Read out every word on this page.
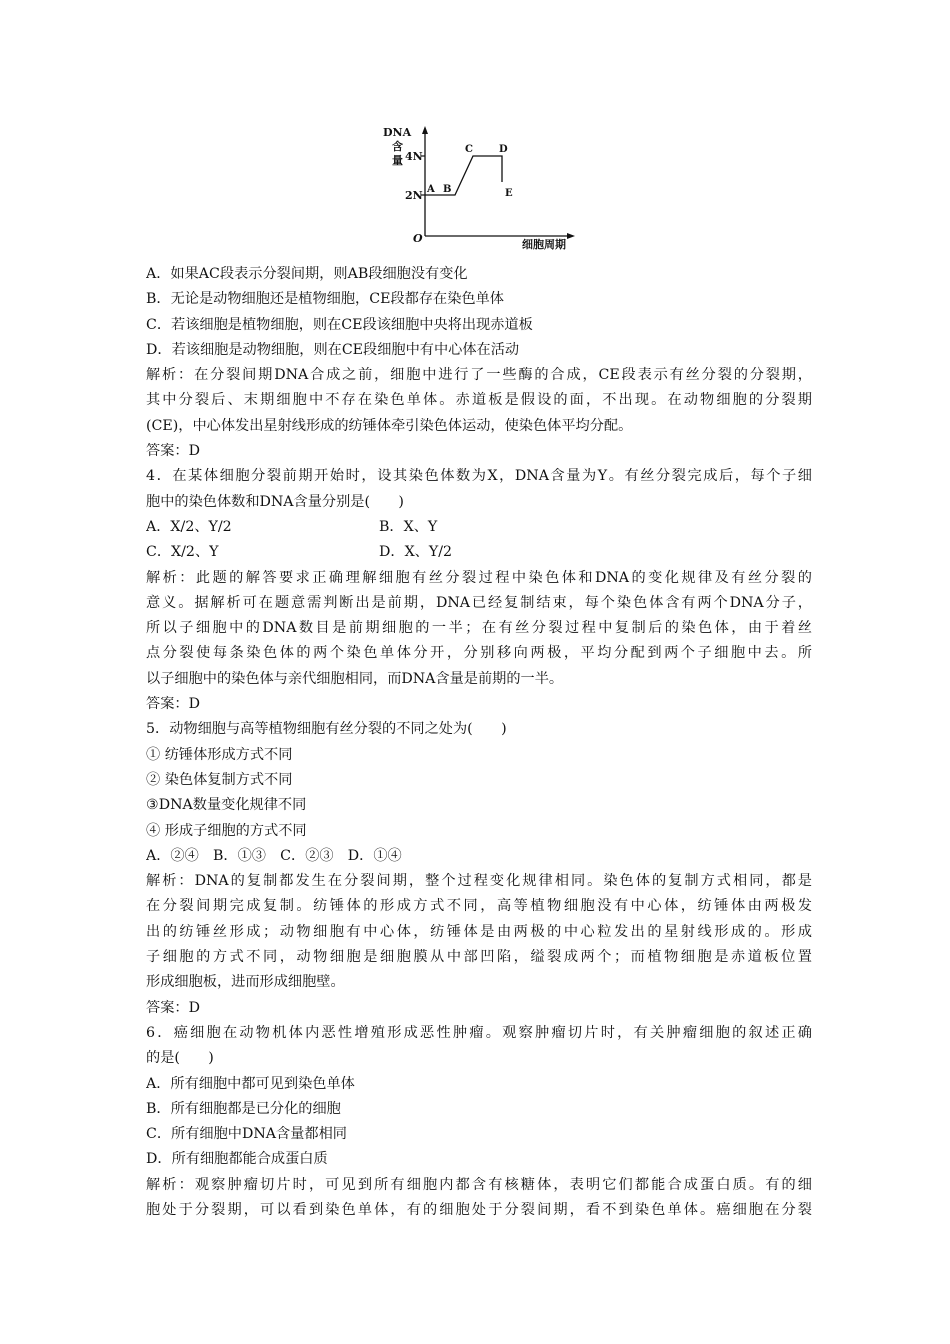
DNA
含
量 4N
2N A B
C	D
E
O	细胞周期
A．如果AC段表示分裂间期，则AB段细胞没有变化
B．无论是动物细胞还是植物细胞，CE段都存在染色单体
C．若该细胞是植物细胞，则在CE段该细胞中央将出现赤道板
D．若该细胞是动物细胞，则在CE段细胞中有中心体在活动
解析：在分裂间期DNA合成之前，细胞中进行了一些酶的合成，CE段表示有丝分裂的分裂期，
其中分裂后、末期细胞中不存在染色单体。赤道板是假设的面，不出现。在动物细胞的分裂期
(CE)，中心体发出星射线形成的纺锤体牵引染色体运动，使染色体平均分配。
答案：D
4．在某体细胞分裂前期开始时，设其染色体数为X，DNA含量为Y。有丝分裂完成后，每个子细
胞中的染色体数和DNA含量分别是(　　)
A．X/2、Y/2	B．X、Y
C．X/2、Y	D．X、Y/2
解析：此题的解答要求正确理解细胞有丝分裂过程中染色体和DNA的变化规律及有丝分裂的
意义。据解析可在题意需判断出是前期，DNA已经复制结束，每个染色体含有两个DNA分子，
所以子细胞中的DNA数目是前期细胞的一半；在有丝分裂过程中复制后的染色体，由于着丝
点分裂使每条染色体的两个染色单体分开，分别移向两极，平均分配到两个子细胞中去。所
以子细胞中的染色体与亲代细胞相同，而DNA含量是前期的一半。
答案：D
5．动物细胞与高等植物细胞有丝分裂的不同之处为(　　)
① 纺锤体形成方式不同
② 染色体复制方式不同
③DNA数量变化规律不同
④ 形成子细胞的方式不同
A．②④　B．①③　C．②③　D．①④
解析：DNA的复制都发生在分裂间期，整个过程变化规律相同。染色体的复制方式相同，都是
在分裂间期完成复制。纺锤体的形成方式不同，高等植物细胞没有中心体，纺锤体由两极发
出的纺锤丝形成；动物细胞有中心体，纺锤体是由两极的中心粒发出的星射线形成的。形成
子细胞的方式不同，动物细胞是细胞膜从中部凹陷，缢裂成两个；而植物细胞是赤道板位置
形成细胞板，进而形成细胞壁。
答案：D
6．癌细胞在动物机体内恶性增殖形成恶性肿瘤。观察肿瘤切片时，有关肿瘤细胞的叙述正确
的是(　　)
A．所有细胞中都可见到染色单体
B．所有细胞都是已分化的细胞
C．所有细胞中DNA含量都相同
D．所有细胞都能合成蛋白质
解析：观察肿瘤切片时，可见到所有细胞内都含有核糖体，表明它们都能合成蛋白质。有的细
胞处于分裂期，可以看到染色单体，有的细胞处于分裂间期，看不到染色单体。癌细胞在分裂
